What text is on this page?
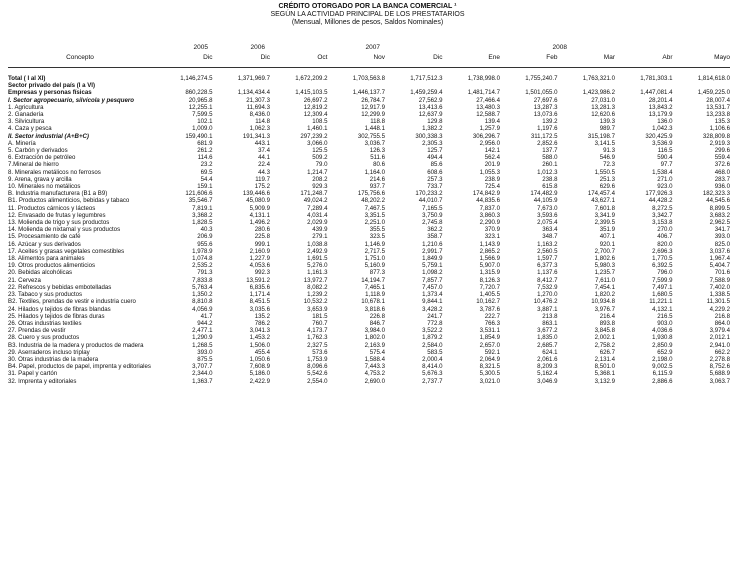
CRÉDITO OTORGADO POR LA BANCA COMERCIAL ¹
SEGÚN LA ACTIVIDAD PRINCIPAL DE LOS PRESTATARIOS
(Mensual, Millones de pesos, Saldos Nominales)
2005	2006	2007	2008
Concepto	Dic	Dic	Oct	Nov	Dic	Ene	Feb	Mar	Abr	Mayo
Total ( I al XI)	1,146,274.5	1,371,969.7	1,672,209.2	1,703,563.8	1,717,512.3	1,738,998.0	1,755,240.7	1,763,321.0	1,781,303.1	1,814,618.0
Sector privado del país (I a VI)										
Empresas y personas físicas	860,228.5	1,134,434.4	1,415,103.5	1,446,137.7	1,459,259.4	1,481,714.7	1,501,055.0	1,423,986.2	1,447,081.4	1,459,225.0
I. Sector agropecuario, silvícola y pesquero	20,965.8	21,307.3	26,697.2	26,784.7	27,562.9	27,466.4	27,697.6	27,031.0	28,201.4	28,007.4
1. Agricultura	12,255.1	11,694.3	12,819.2	12,917.9	13,413.6	13,480.3	13,287.3	13,281.3	13,843.2	13,531.7
2. Ganadería	7,599.5	8,436.0	12,309.4	12,299.9	12,637.9	12,588.7	13,073.6	12,620.6	13,179.9	13,233.8
3. Silvicultura	102.1	114.8	108.5	118.8	129.8	139.4	139.2	139.3	136.0	135.3
4. Caza y pesca	1,009.0	1,062.3	1,460.1	1,448.1	1,382.2	1,257.9	1,197.6	989.7	1,042.3	1,106.6
II. Sector industrial (A+B+C)	159,490.1	191,341.3	297,239.2	302,755.5	300,338.3	306,296.7	311,172.5	315,198.7	320,425.9	328,809.8
A. Minería	681.9	443.1	3,066.0	3,036.7	2,305.3	2,956.0	2,852.6	3,141.5	3,536.9	2,919.3
5. Carbón y derivados	261.2	37.4	125.5	126.3	125.7	142.1	137.7	91.3	116.5	299.6
6. Extracción de petróleo	114.6	44.1	509.2	511.6	494.4	562.4	588.0	546.9	590.4	559.4
7.Mineral de hierro	23.2	22.4	79.0	80.6	85.6	201.9	260.1	72.3	97.7	372.6
8. Minerales metálicos no ferrosos	69.5	44.3	1,214.7	1,164.0	608.6	1,055.3	1,012.3	1,550.5	1,538.4	468.0
9. Arena, grava y arcilla	54.4	119.7	208.2	214.6	257.3	238.9	238.8	251.3	271.0	283.7
10. Minerales no metálicos	159.1	175.2	929.3	937.7	733.7	725.4	615.8	629.6	923.0	936.0
B. Industria manufacturera (B1 a B9)	121,606.6	139,446.6	171,248.7	175,756.6	170,233.2	174,842.9	174,482.9	174,457.4	177,926.3	182,323.3
B1. Productos alimenticios, bebidas y tabaco	35,546.7	45,080.9	49,024.2	48,202.2	44,010.7	44,835.6	44,105.9	43,627.1	44,428.2	44,545.6
11. Productos cárnicos y lácteos	7,819.1	5,909.9	7,289.4	7,467.5	7,165.5	7,837.0	7,673.0	7,601.8	8,272.5	8,899.5
12. Envasado de frutas y legumbres	3,368.2	4,131.1	4,031.4	3,351.5	3,750.9	3,860.3	3,593.6	3,341.9	3,342.7	3,683.2
13. Molienda de trigo y sus productos	1,828.5	1,496.2	2,029.9	2,251.0	2,745.8	2,290.9	2,075.4	2,399.5	3,153.8	2,962.5
14. Molienda de nixtamal y sus productos	40.3	280.6	439.9	355.5	362.2	370.9	363.4	351.9	270.0	341.7
15. Procesamiento de café	206.9	225.8	279.1	323.5	358.7	323.1	348.7	407.1	406.7	393.0
16. Azúcar y sus derivados	955.6	999.1	1,038.8	1,146.9	1,210.6	1,143.9	1,163.2	920.1	820.0	825.0
17. Aceites y grasas vegetales comestibles	1,978.9	2,160.9	2,492.9	2,717.5	2,991.7	2,865.2	2,560.5	2,700.7	2,696.3	3,037.6
18. Alimentos para animales	1,074.8	1,227.9	1,691.5	1,751.0	1,849.9	1,566.9	1,597.7	1,802.6	1,770.5	1,967.4
19. Otros productos alimenticios	2,535.2	4,053.6	5,276.0	5,160.9	5,759.1	5,907.0	6,377.3	5,980.3	6,392.5	5,404.7
20. Bebidas alcohólicas	791.3	992.3	1,161.3	877.3	1,098.2	1,315.9	1,137.6	1,235.7	796.0	701.6
21. Cerveza	7,833.8	13,591.2	13,972.7	14,194.7	7,857.7	8,126.3	8,412.7	7,611.0	7,599.9	7,588.9
22. Refrescos y bebidas embotelladas	5,763.4	6,835.6	8,082.2	7,465.1	7,457.0	7,720.7	7,532.9	7,454.1	7,497.1	7,402.0
23. Tabaco y sus productos	1,350.2	1,171.4	1,239.2	1,118.9	1,373.4	1,405.5	1,270.0	1,820.2	1,680.5	1,338.5
B2. Textiles, prendas de vestir e industria cuero	8,810.8	8,451.5	10,532.2	10,678.1	9,844.1	10,162.7	10,476.2	10,934.8	11,221.1	11,301.5
24. Hilados y tejidos de fibras blandas	4,056.9	3,035.6	3,653.9	3,818.6	3,428.2	3,787.6	3,887.1	3,976.7	4,132.1	4,229.2
25. Hilados y tejidos de fibras duras	41.7	135.2	181.5	226.8	241.7	222.7	213.8	216.4	216.5	216.8
26. Otras industrias textiles	944.2	786.2	760.7	846.7	772.8	766.3	863.1	893.8	903.0	864.0
27. Prendas de vestir	2,477.1	3,041.3	4,173.7	3,984.0	3,522.2	3,531.1	3,677.2	3,845.8	4,036.6	3,979.4
28. Cuero y sus productos	1,290.9	1,453.2	1,762.3	1,802.0	1,879.2	1,854.9	1,835.0	2,002.1	1,930.8	2,012.1
B3. Industria de la madera y productos de madera	1,268.5	1,506.0	2,327.5	2,163.9	2,584.0	2,657.0	2,685.7	2,758.2	2,850.9	2,941.0
29. Aserraderos incluso triplay	393.0	455.4	573.6	575.4	583.5	592.1	624.1	626.7	652.9	662.2
30. Otras industrias de la madera	875.5	1,050.6	1,753.9	1,588.4	2,000.4	2,064.9	2,061.6	2,131.4	2,198.0	2,278.8
B4. Papel, productos de papel, imprenta y editoriales	3,707.7	7,608.9	8,096.6	7,443.3	8,414.0	8,321.5	8,209.3	8,501.0	9,002.5	8,752.6
31. Papel y cartón	2,344.0	5,186.0	5,542.6	4,753.2	5,676.3	5,300.5	5,162.4	5,368.1	6,115.9	5,688.9
32. Imprenta y editoriales	1,363.7	2,422.9	2,554.0	2,690.0	2,737.7	3,021.0	3,046.9	3,132.9	2,886.6	3,063.7
